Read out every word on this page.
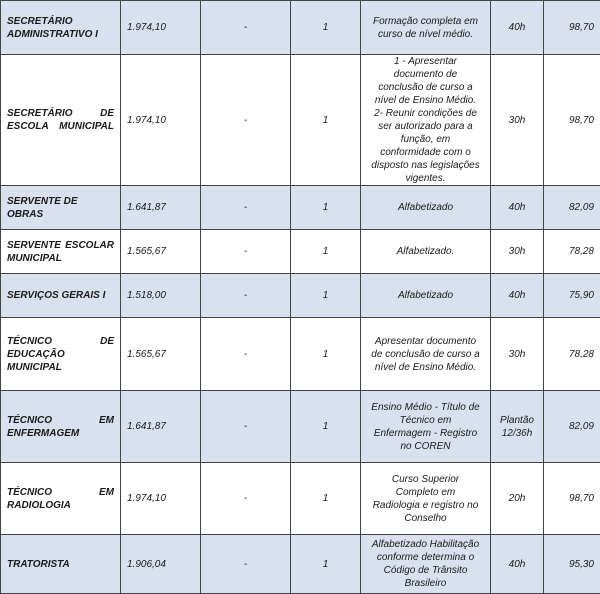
SECRETÁRIO
ADMINISTRATIVO I	1.974,10	-	1	Formação completa em curso de nível médio.	40h	98,70

SECRETÁRIO DE
ESCOLA MUNICIPAL	1.974,10	-	1	1 - Apresentar documento de conclusão de curso a nível de Ensino Médio. 2- Reunir condições de ser autorizado para a função, em conformidade com o disposto nas legislações vigentes.	30h	98,70

SERVENTE DE OBRAS	1.641,87	-	1	Alfabetizado	40h	82,09

SERVENTE ESCOLAR
MUNICIPAL	1.565,67	-	1	Alfabetizado.	30h	78,28

SERVIÇOS GERAIS I	1.518,00	-	1	Alfabetizado	40h	75,90

TÉCNICO DE
EDUCAÇÃO MUNICIPAL	1.565,67	-	1	Apresentar documento de conclusão de curso a nível de Ensino Médio.	30h	78,28

TÉCNICO EM
ENFERMAGEM	1.641,87	-	1	Ensino Médio - Título de Técnico em Enfermagem - Registro no COREN	Plantão 12/36h	82,09

TÉCNICO EM
RADIOLOGIA	1.974,10	-	1	Curso Superior Completo em Radiologia e registro no Conselho	20h	98,70

TRATORISTA	1.906,04	-	1	Alfabetizado Habilitação conforme determina o Código de Trânsito Brasileiro	40h	95,30
